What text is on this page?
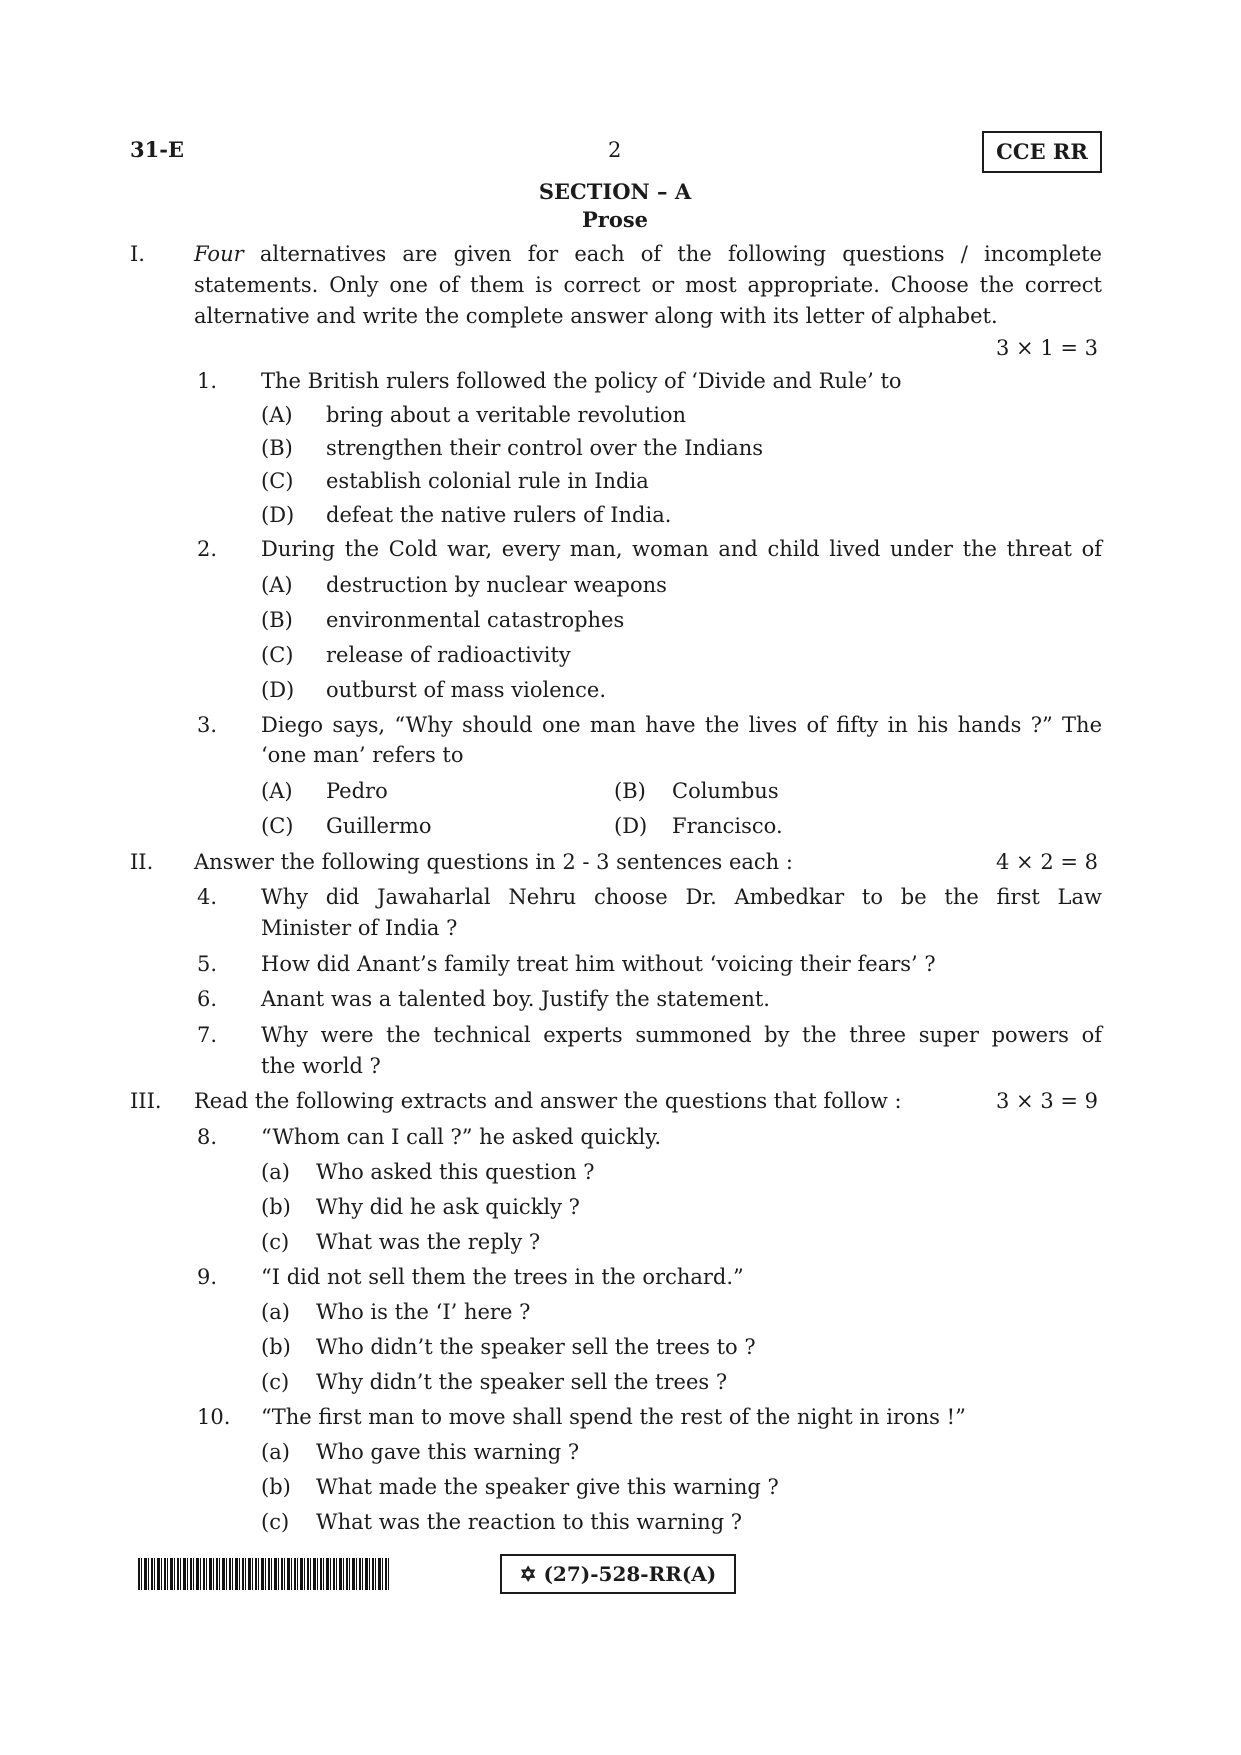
31-E	2	CCE RR
SECTION – A
Prose
I. Four alternatives are given for each of the following questions / incomplete
statements. Only one of them is correct or most appropriate. Choose the correct
alternative and write the complete answer along with its letter of alphabet.
3 × 1 = 3
1. The British rulers followed the policy of ‘Divide and Rule’ to
(A) bring about a veritable revolution
(B) strengthen their control over the Indians
(C) establish colonial rule in India
(D) defeat the native rulers of India.
2. During the Cold war, every man, woman and child lived under the threat of
(A) destruction by nuclear weapons
(B) environmental catastrophes
(C) release of radioactivity
(D) outburst of mass violence.
3. Diego says, “Why should one man have the lives of fifty in his hands ?” The
‘one man’ refers to
(A) Pedro	(B) Columbus
(C) Guillermo	(D) Francisco.
II. Answer the following questions in 2 - 3 sentences each :	4 × 2 = 8
4. Why did Jawaharlal Nehru choose Dr. Ambedkar to be the first Law
Minister of India ?
5. How did Anant’s family treat him without ‘voicing their fears’ ?
6. Anant was a talented boy. Justify the statement.
7. Why were the technical experts summoned by the three super powers of
the world ?
III. Read the following extracts and answer the questions that follow :	3 × 3 = 9
8. “Whom can I call ?” he asked quickly.
(a) Who asked this question ?
(b) Why did he ask quickly ?
(c) What was the reply ?
9. “I did not sell them the trees in the orchard.”
(a) Who is the ‘I’ here ?
(b) Who didn’t the speaker sell the trees to ?
(c) Why didn’t the speaker sell the trees ?
10. “The first man to move shall spend the rest of the night in irons !”
(a) Who gave this warning ?
(b) What made the speaker give this warning ?
(c) What was the reaction to this warning ?
✡ (27)-528-RR(A)
